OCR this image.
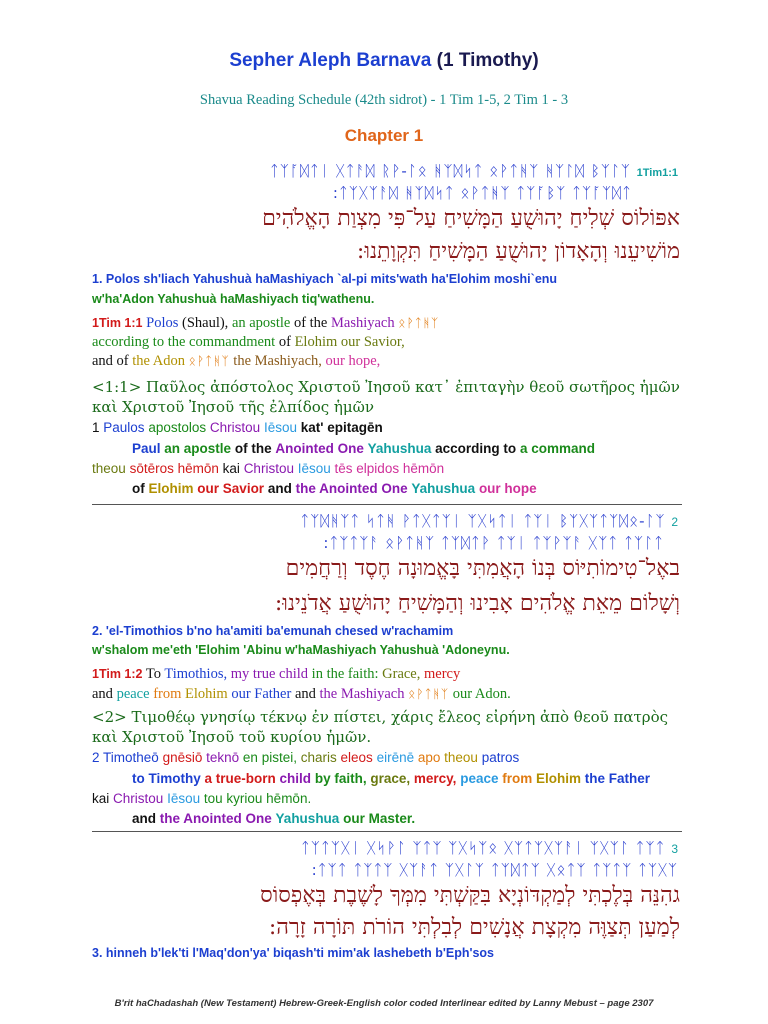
Sepher Aleph Barnava (1 Timothy)
Shavua Reading Schedule (42th sidrot) - 1 Tim 1-5, 2 Tim 1 - 3
Chapter 1
ᛏᛉᚪᛞᛏᛁ ᚷᛏᚨᛞ ᚱᚹ-ᛚᛟ ᚻᛉᛞᛋᛏ ᛟᚹᛏᚻᛉ ᚻᛉᛚᛞ ᛒᛉᛚᛉ 1Tim1:1
:ᛏᛉᚷᛉᚨᛞ ᚻᛉᛞᛋᛏ ᛟᚹᛏᚻᛉ ᛏᛉᚪᛒᛉ ᛏᛉᚪᛉᛞᛏ
אפּוֹלוֹס שְׁלִיחַ יָהוּשֻׁעַ הַמָּשִׁיחַ עַל־פִּי מִצְוַת הָאֱלֹהִים
מוֹשִׁיעֵנוּ וְהָאָדוֹן יָהוּשֻׁעַ הַמָּשִׁיחַ תִּקְוָתֵנוּ:
1. Polos sh'liach Yahushuà haMashiyach `al-pi mits'wath ha'Elohim moshi`enu
w'ha'Adon Yahushuà haMashiyach tiq'wathenu.
1Tim 1:1 Polos (Shaul), an apostle of the Mashiyach ᛟᚹᛏᚻᛉ
according to the commandment of Elohim our Savior,
and of the Adon ᛟᚹᛏᚻᛉ the Mashiyach, our hope,
<1:1> Παῦλος ἀπόστολος Χριστοῦ Ἰησοῦ κατ᾽ ἐπιταγὴν θεοῦ σωτῆρος ἡμῶν
καὶ Χριστοῦ Ἰησοῦ τῆς ἐλπίδος ἡμῶν
1 Paulos apostolos Christou Iēsou kat' epitagēn
Paul an apostle of the Anointed One Yahushua according to a command
theou sōtēros hēmōn kai Christou Iēsou tēs elpidos hēmōn
of Elohim our Savior and the Anointed One Yahushua our hope
ᛏᛉᛞᚻᛉᛏ ᛋᛏᚻ ᚹᛏᚷᛏᛉᛁ ᛉᚷᛋᛏᛁ ᛏᛉᛁ ᛒᛉᚷᛉᛏᛉᛞᛟ-ᛚᛉ 2
:ᛏᛉᛏᛉᚨ ᛟᚹᛏᚻᛉ ᛏᛉᛞᛏᚹ ᛏᛉᛁ ᛏᛉᚹᛉᚨ ᚷᛉᛏ ᛏᛉᛚᛏ
באֶל־טִימוֹתִיּוֹס בְּנוֹ הָאֲמִתִּי בָּאֱמוּנָה חֶסֶד וְרַחֲמִים
וְשָׁלוֹם מֵאֵת אֱלֹהִים אָבִינוּ וְהַמָּשִׁיחַ יָהוּשֻׁעַ אֲדֹנֵינוּ:
2. 'el-Timothios b'no ha'amiti ba'emunah chesed w'rachamim
w'shalom me'eth 'Elohim 'Abinu w'haMashiyach Yahushuà 'Adoneynu.
1Tim 1:2 To Timothios, my true child in the faith: Grace, mercy
and peace from Elohim our Father and the Mashiyach ᛟᚹᛏᚻᛉ our Adon.
<2> Τιμοθέῳ γνησίῳ τέκνῳ ἐν πίστει, χάρις ἔλεος εἰρήνη ἀπὸ θεοῦ πατρὸς
καὶ Χριστοῦ Ἰησοῦ τοῦ κυρίου ἡμῶν.
2 Timotheō gnēsiō teknō en pistei, charis eleos eirēnē apo theou patros
to Timothy a true-born child by faith, grace, mercy, peace from Elohim the Father
kai Christou Iēsou tou kyriou hēmōn.
and the Anointed One Yahushua our Master.
ᛏᛉᛏᛉᚷᛁ ᚷᛋᚹᛚ ᛉᛏᛉ ᛉᚷᛋᛉᛟ ᚷᛉᛏᛉᚷᛉᚨᛁ ᛉᚷᛉᛚ ᛏᛉᛏ 3
:ᛏᛉᛏ ᛏᛉᛏᛉ ᚷᛉᚨᛏ ᛉᚷᛚᛉ ᛏᛉᛞᛏᛉ ᚷᛟᛏᛉ ᛏᛉᛏᛉ ᛏᛉᚷᛉ
גהִנֵּה בְּלֶכְתִּי לְמַקְדּוֹנְיָא בִּקַּשְׁתִּי מִמְּךָ לָשֶׁבֶת בְּאֶפְסוֹס
לְמַעַן תְּצַוֶּה מִקְצָת אֲנָשִׁים לְבִלְתִּי הוֹרֹת תּוֹרָה זָרָה:
3. hinneh b'lek'ti l'Maq'don'ya' biqash'ti mim'ak lashebeth b'Eph'sos
B'rit haChadashah (New Testament) Hebrew-Greek-English color coded Interlinear edited by Lanny Mebust – page 2307
